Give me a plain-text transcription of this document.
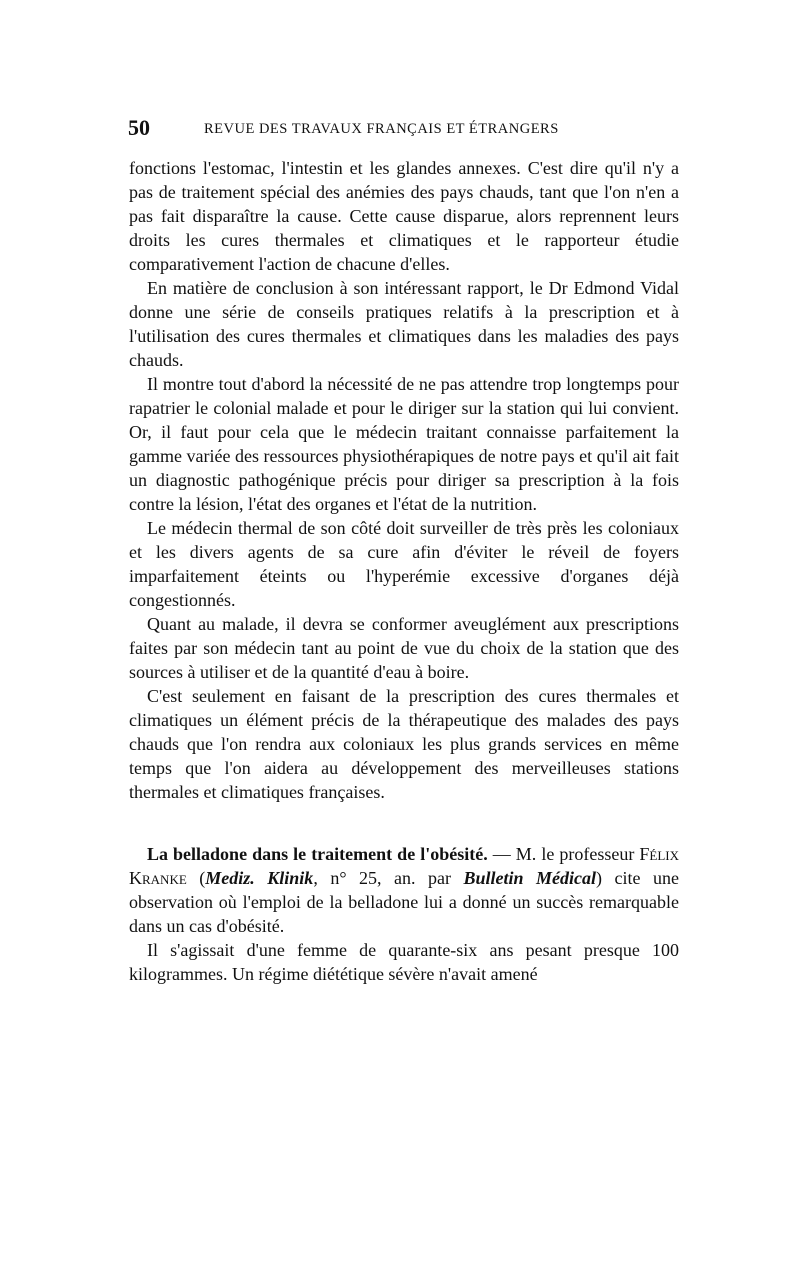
50	REVUE DES TRAVAUX FRANÇAIS ET ÉTRANGERS

fonctions l'estomac, l'intestin et les glandes annexes. C'est dire qu'il n'y a pas de traitement spécial des anémies des pays chauds, tant que l'on n'en a pas fait disparaître la cause. Cette cause disparue, alors reprennent leurs droits les cures thermales et climatiques et le rapporteur étudie comparativement l'action de chacune d'elles.

En matière de conclusion à son intéressant rapport, le Dr Edmond Vidal donne une série de conseils pratiques relatifs à la prescription et à l'utilisation des cures thermales et climatiques dans les maladies des pays chauds.

Il montre tout d'abord la nécessité de ne pas attendre trop longtemps pour rapatrier le colonial malade et pour le diriger sur la station qui lui convient. Or, il faut pour cela que le médecin traitant connaisse parfaitement la gamme variée des ressources physiothérapiques de notre pays et qu'il ait fait un diagnostic pathogénique précis pour diriger sa prescription à la fois contre la lésion, l'état des organes et l'état de la nutrition.

Le médecin thermal de son côté doit surveiller de très près les coloniaux et les divers agents de sa cure afin d'éviter le réveil de foyers imparfaitement éteints ou l'hyperémie excessive d'organes déjà congestionnés.

Quant au malade, il devra se conformer aveuglément aux prescriptions faites par son médecin tant au point de vue du choix de la station que des sources à utiliser et de la quantité d'eau à boire.

C'est seulement en faisant de la prescription des cures thermales et climatiques un élément précis de la thérapeutique des malades des pays chauds que l'on rendra aux coloniaux les plus grands services en même temps que l'on aidera au développement des merveilleuses stations thermales et climatiques françaises.

La belladone dans le traitement de l'obésité. — M. le professeur Félix Kranke (Mediz. Klinik, n° 25, an. par Bulletin Médical) cite une observation où l'emploi de la belladone lui a donné un succès remarquable dans un cas d'obésité.

Il s'agissait d'une femme de quarante-six ans pesant presque 100 kilogrammes. Un régime diététique sévère n'avait amené
